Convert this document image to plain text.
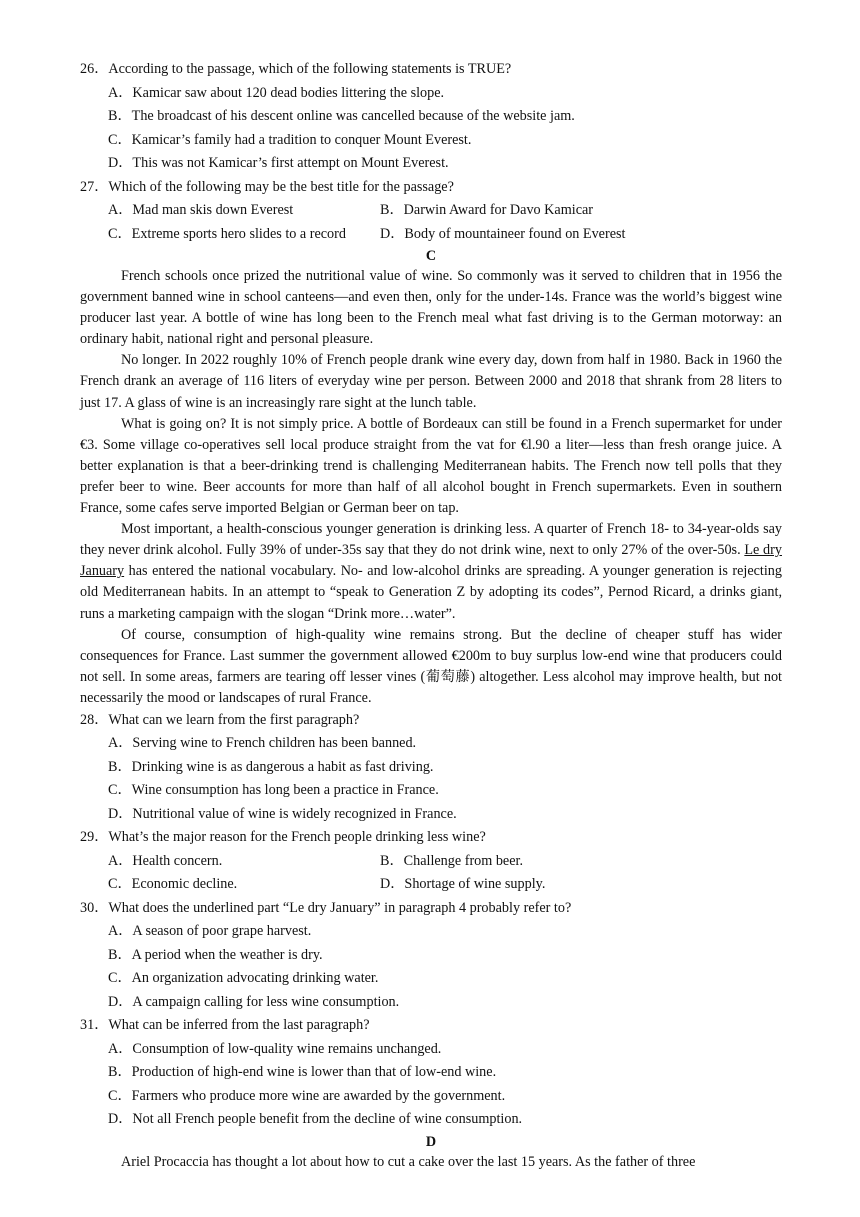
26．According to the passage, which of the following statements is TRUE?
A．Kamicar saw about 120 dead bodies littering the slope.
B．The broadcast of his descent online was cancelled because of the website jam.
C．Kamicar’s family had a tradition to conquer Mount Everest.
D．This was not Kamicar’s first attempt on Mount Everest.
27．Which of the following may be the best title for the passage?
A．Mad man skis down Everest	B．Darwin Award for Davo Kamicar
C．Extreme sports hero slides to a record	D．Body of mountaineer found on Everest
C

French schools once prized the nutritional value of wine. So commonly was it served to children that in 1956 the government banned wine in school canteens—and even then, only for the under-14s. France was the world’s biggest wine producer last year. A bottle of wine has long been to the French meal what fast driving is to the German motorway: an ordinary habit, national right and personal pleasure.

No longer. In 2022 roughly 10% of French people drank wine every day, down from half in 1980. Back in 1960 the French drank an average of 116 liters of everyday wine per person. Between 2000 and 2018 that shrank from 28 liters to just 17. A glass of wine is an increasingly rare sight at the lunch table.

What is going on? It is not simply price. A bottle of Bordeaux can still be found in a French supermarket for under €3. Some village co-operatives sell local produce straight from the vat for €l.90 a liter—less than fresh orange juice. A better explanation is that a beer-drinking trend is challenging Mediterranean habits. The French now tell polls that they prefer beer to wine. Beer accounts for more than half of all alcohol bought in French supermarkets. Even in southern France, some cafes serve imported Belgian or German beer on tap.

Most important, a health-conscious younger generation is drinking less. A quarter of French 18- to 34-year-olds say they never drink alcohol. Fully 39% of under-35s say that they do not drink wine, next to only 27% of the over-50s. Le dry January has entered the national vocabulary. No- and low-alcohol drinks are spreading. A younger generation is rejecting old Mediterranean habits. In an attempt to “speak to Generation Z by adopting its codes”, Pernod Ricard, a drinks giant, runs a marketing campaign with the slogan “Drink more…water”.

Of course, consumption of high-quality wine remains strong. But the decline of cheaper stuff has wider consequences for France. Last summer the government allowed €200m to buy surplus low-end wine that producers could not sell. In some areas, farmers are tearing off lesser vines (葡萄藤) altogether. Less alcohol may improve health, but not necessarily the mood or landscapes of rural France.

28．What can we learn from the first paragraph?
A．Serving wine to French children has been banned.
B．Drinking wine is as dangerous a habit as fast driving.
C．Wine consumption has long been a practice in France.
D．Nutritional value of wine is widely recognized in France.
29．What’s the major reason for the French people drinking less wine?
A．Health concern.	B．Challenge from beer.
C．Economic decline.	D．Shortage of wine supply.
30．What does the underlined part “Le dry January” in paragraph 4 probably refer to?
A．A season of poor grape harvest.
B．A period when the weather is dry.
C．An organization advocating drinking water.
D．A campaign calling for less wine consumption.
31．What can be inferred from the last paragraph?
A．Consumption of low-quality wine remains unchanged.
B．Production of high-end wine is lower than that of low-end wine.
C．Farmers who produce more wine are awarded by the government.
D．Not all French people benefit from the decline of wine consumption.
D

Ariel Procaccia has thought a lot about how to cut a cake over the last 15 years. As the father of three
